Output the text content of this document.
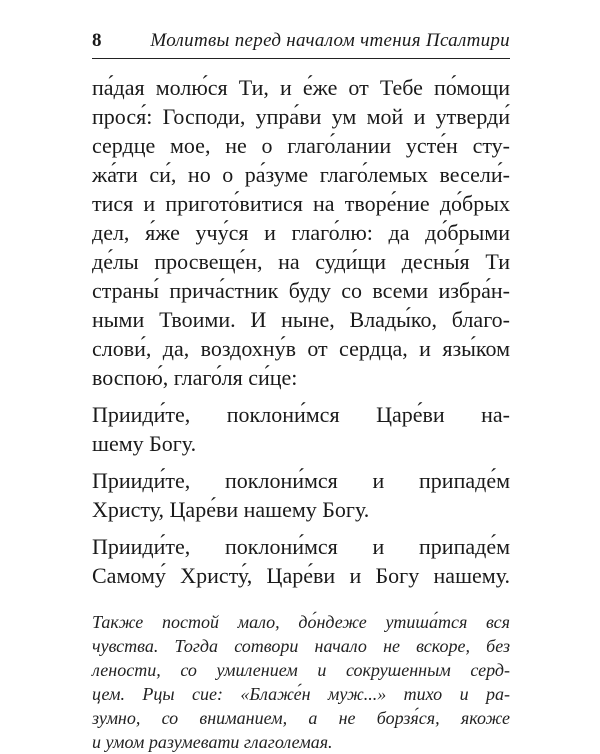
8	Молитвы перед началом чтения Псалтири
па́дая молю́ся Ти, и е́же от Тебе по́мощи
прося́: Господи, упра́ви ум мой и утверди́
сердце мое, не о глаго́лании усте́н сту-
жа́ти си́, но о ра́зуме глаго́лемых весели́-
тися и пригото́витися на творе́ние до́брых
дел, я́же учу́ся и глаго́лю: да до́брыми
де́лы просвеще́н, на суди́щи десны́я Ти
страны́ прича́стник буду со всеми избра́н-
ными Твоими. И ныне, Влады́ко, благо-
слови́, да, воздохну́в от сердца, и язы́ком
воспою́, глаго́ля си́це:
Прииди́те, поклони́мся Царе́ви на-
шему Богу.
Прииди́те, поклони́мся и припаде́м
Христу, Царе́ви нашему Богу.
Прииди́те, поклони́мся и припаде́м
Самому́ Христу́, Царе́ви и Богу нашему.
Также постой мало, до́ндеже утиша́тся вся
чувства. Тогда сотвори начало не вскоре, без
лености, со умилением и сокрушенным серд-
цем. Рцы сие: «Блаже́н муж...» тихо и ра-
зумно, со вниманием, а не борзя́ся, якоже
и умом разумевати глаголемая.
